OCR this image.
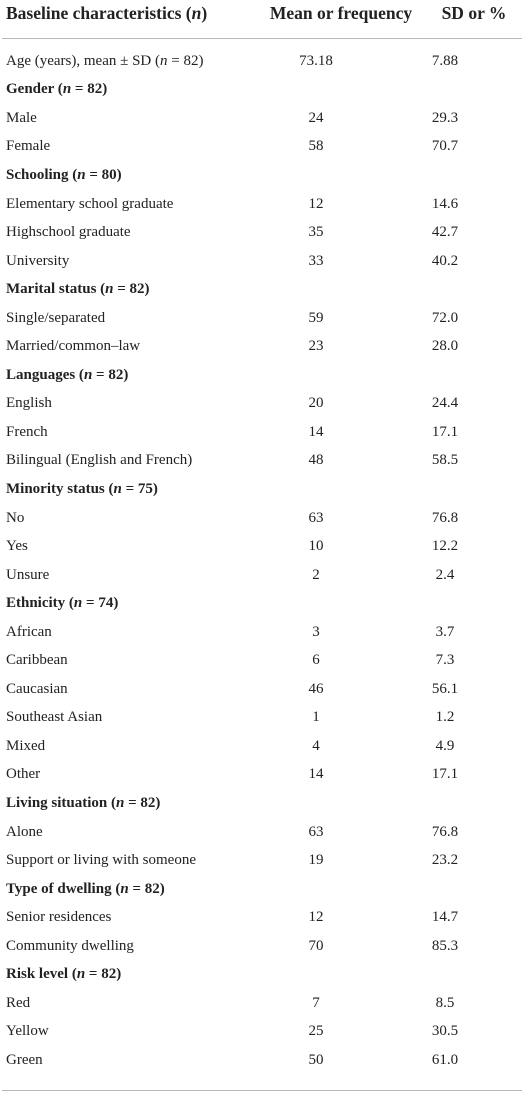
Baseline characteristics (n)	Mean or frequency	SD or %
Age (years), mean ± SD (n = 82)	73.18	7.88
Gender (n = 82)
Male	24	29.3
Female	58	70.7
Schooling (n = 80)
Elementary school graduate	12	14.6
Highschool graduate	35	42.7
University	33	40.2
Marital status (n = 82)
Single/separated	59	72.0
Married/common–law	23	28.0
Languages (n = 82)
English	20	24.4
French	14	17.1
Bilingual (English and French)	48	58.5
Minority status (n = 75)
No	63	76.8
Yes	10	12.2
Unsure	2	2.4
Ethnicity (n = 74)
African	3	3.7
Caribbean	6	7.3
Caucasian	46	56.1
Southeast Asian	1	1.2
Mixed	4	4.9
Other	14	17.1
Living situation (n = 82)
Alone	63	76.8
Support or living with someone	19	23.2
Type of dwelling (n = 82)
Senior residences	12	14.7
Community dwelling	70	85.3
Risk level (n = 82)
Red	7	8.5
Yellow	25	30.5
Green	50	61.0
